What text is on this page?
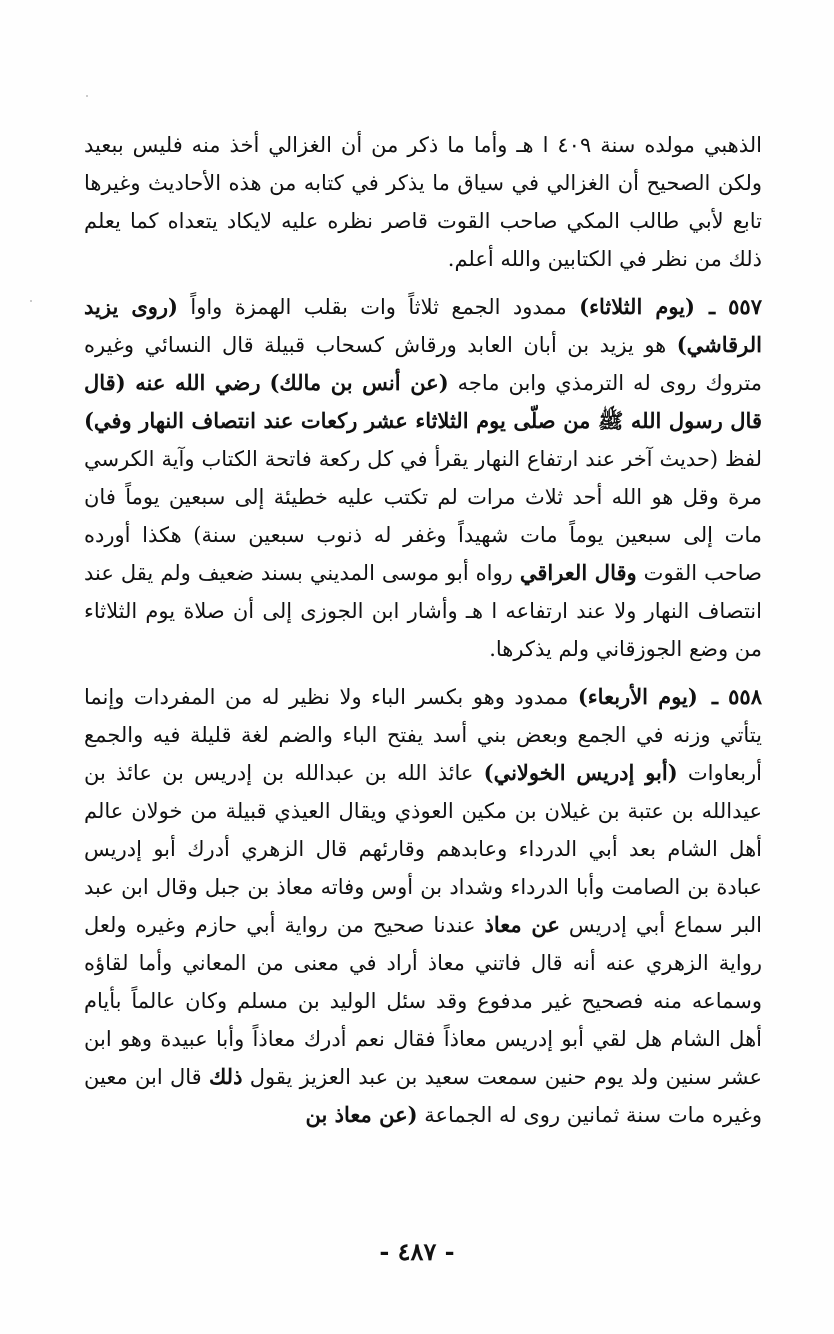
الذهبي مولده سنة ٤٠٩ ا هـ وأما ما ذكر من أن الغزالي أخذ منه فليس ببعيد ولكن الصحيح أن الغزالي في سياق ما يذكر في كتابه من هذه الأحاديث وغيرها تابع لأبي طالب المكي صاحب القوت قاصر نظره عليه لايكاد يتعداه كما يعلم ذلك من نظر في الكتابين والله أعلم.

٥٥٧ ـ(يوم الثلاثاء) ممدود الجمع ثلاثاً وات بقلب الهمزة واواً (روى يزيد الرقاشي) هو يزيد بن أبان العابد ورقاش كسحاب قبيلة قال النسائي وغيره متروك روى له الترمذي وابن ماجه (عن أنس بن مالك) رضي الله عنه (قال قال رسول الله ﷺ من صلّى يوم الثلاثاء عشر ركعات عند انتصاف النهار وفي) لفظ (حديث آخر عند ارتفاع النهار يقرأ في كل ركعة فاتحة الكتاب وآية الكرسي مرة وقل هو الله أحد ثلاث مرات لم تكتب عليه خطيئة إلى سبعين يوماً فان مات إلى سبعين يوماً مات شهيداً وغفر له ذنوب سبعين سنة) هكذا أورده صاحب القوت وقال العراقي رواه أبو موسى المديني بسند ضعيف ولم يقل عند انتصاف النهار ولا عند ارتفاعه ا هـ وأشار ابن الجوزى إلى أن صلاة يوم الثلاثاء من وضع الجوزقاني ولم يذكرها.

٥٥٨ ـ(يوم الأربعاء) ممدود وهو بكسر الباء ولا نظير له من المفردات وإنما يتأتي وزنه في الجمع وبعض بني أسد يفتح الباء والضم لغة قليلة فيه والجمع أربعاوات (أبو إدريس الخولاني) عائذ الله بن عبدالله بن إدريس بن عائذ بن عيدالله بن عتبة بن غيلان بن مكين العوذي ويقال العيذي قبيلة من خولان عالم أهل الشام بعد أبي الدرداء وعابدهم وقارئهم قال الزهري أدرك أبو إدريس عبادة بن الصامت وأبا الدرداء وشداد بن أوس وفاته معاذ بن جبل وقال ابن عبد البر سماع أبي إدريس عن معاذ عندنا صحيح من رواية أبي حازم وغيره ولعل رواية الزهري عنه أنه قال فاتني معاذ أراد في معنى من المعاني وأما لقاؤه وسماعه منه فصحيح غير مدفوع وقد سئل الوليد بن مسلم وكان عالماً بأيام أهل الشام هل لقي أبو إدريس معاذاً فقال نعم أدرك معاذاً وأبا عبيدة وهو ابن عشر سنين ولد يوم حنين سمعت سعيد بن عبد العزيز يقول ذلك قال ابن معين وغيره مات سنة ثمانين روى له الجماعة (عن معاذ بن

- ٤٨٧ -
